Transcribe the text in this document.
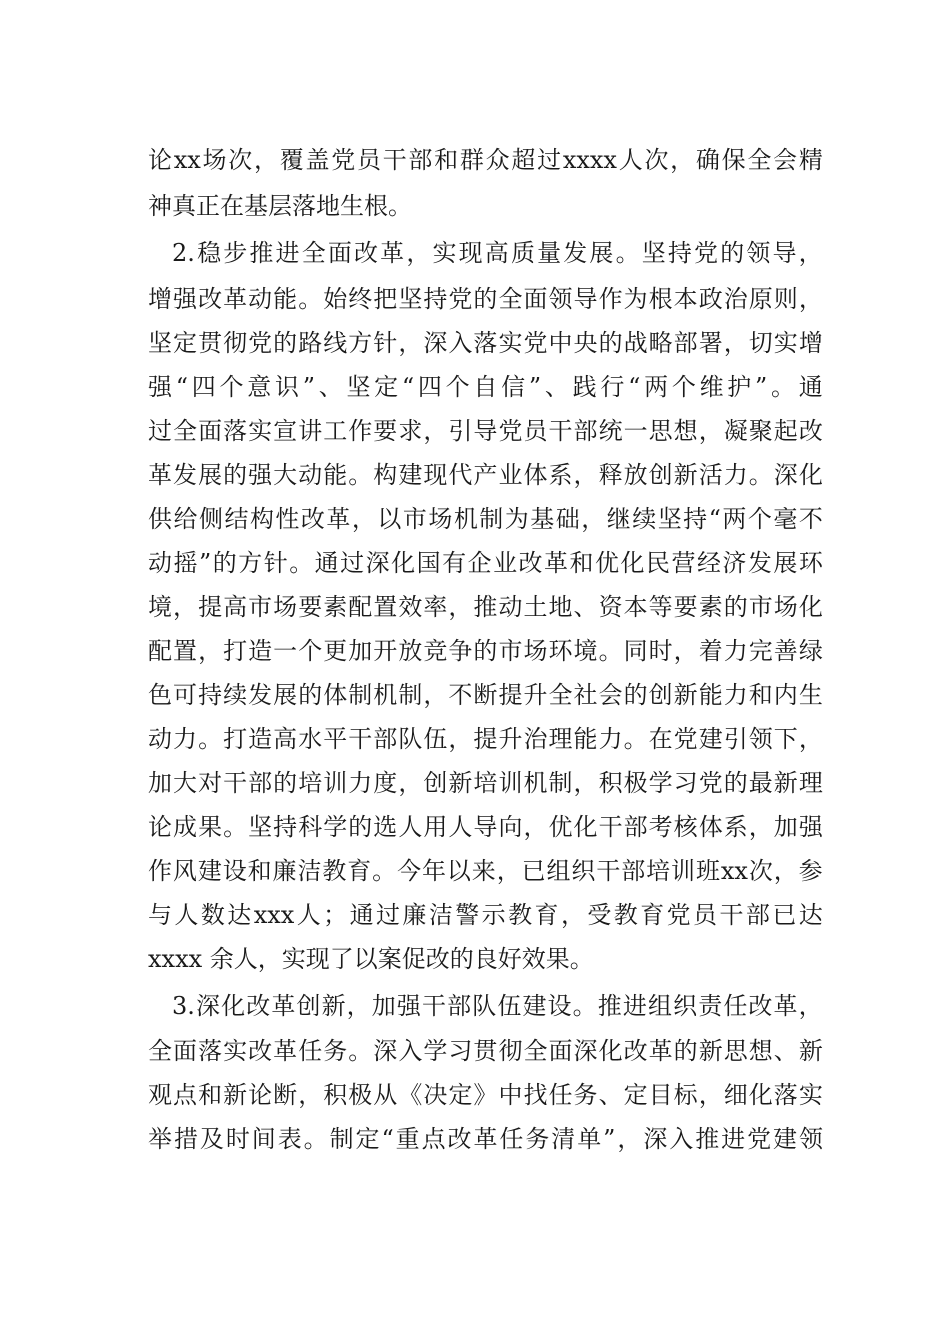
论 xx 场 次 ， 覆 盖 党 员 干 部 和 群 众 超 过 xxxx 人 次 ， 确 保 全 会 精
神真正在基层落地生根。
2. 稳 步 推 进 全 面 改 革 ， 实 现 高 质 量 发 展 。 坚 持 党 的 领 导 ，
增 强 改 革 动 能 。 始 终 把 坚 持 党 的 全 面 领 导 作 为 根 本 政 治 原 则 ，
坚 定 贯 彻 党 的 路 线 方 针 ， 深 入 落 实 党 中 央 的 战 略 部 署 ， 切 实 增
强 “ 四 个 意 识 ” 、 坚 定 “ 四 个 自 信 ” 、 践 行 “ 两 个 维 护 ” 。 通
过 全 面 落 实 宣 讲 工 作 要 求 ， 引 导 党 员 干 部 统 一 思 想 ， 凝 聚 起 改
革 发 展 的 强 大 动 能 。 构 建 现 代 产 业 体 系 ， 释 放 创 新 活 力 。 深 化
供 给 侧 结 构 性 改 革 ， 以 市 场 机 制 为 基 础 ， 继 续 坚 持 “ 两 个 毫 不
动 摇 ” 的 方 针 。 通 过 深 化 国 有 企 业 改 革 和 优 化 民 营 经 济 发 展 环
境 ， 提 高 市 场 要 素 配 置 效 率 ， 推 动 土 地 、 资 本 等 要 素 的 市 场 化
配 置 ， 打 造 一 个 更 加 开 放 竞 争 的 市 场 环 境 。 同 时 ， 着 力 完 善 绿
色 可 持 续 发 展 的 体 制 机 制 ， 不 断 提 升 全 社 会 的 创 新 能 力 和 内 生
动 力 。 打 造 高 水 平 干 部 队 伍 ， 提 升 治 理 能 力 。 在 党 建 引 领 下 ，
加 大 对 干 部 的 培 训 力 度 ， 创 新 培 训 机 制 ， 积 极 学 习 党 的 最 新 理
论 成 果 。 坚 持 科 学 的 选 人 用 人 导 向 ， 优 化 干 部 考 核 体 系 ， 加 强
作 风 建 设 和 廉 洁 教 育 。 今 年 以 来 ， 已 组 织 干 部 培 训 班 xx 次 ， 参
与 人 数 达 xxx 人 ； 通 过 廉 洁 警 示 教 育 ， 受 教 育 党 员 干 部 已 达
xxxx 余人，实现了以案促改的良好效果。
3. 深 化 改 革 创 新 ， 加 强 干 部 队 伍 建 设 。 推 进 组 织 责 任 改 革 ，
全 面 落 实 改 革 任 务 。 深 入 学 习 贯 彻 全 面 深 化 改 革 的 新 思 想 、 新
观 点 和 新 论 断 ， 积 极 从 《 决 定 》 中 找 任 务 、 定 目 标 ， 细 化 落 实
举 措 及 时 间 表 。 制 定 “ 重 点 改 革 任 务 清 单 ” ， 深 入 推 进 党 建 领
